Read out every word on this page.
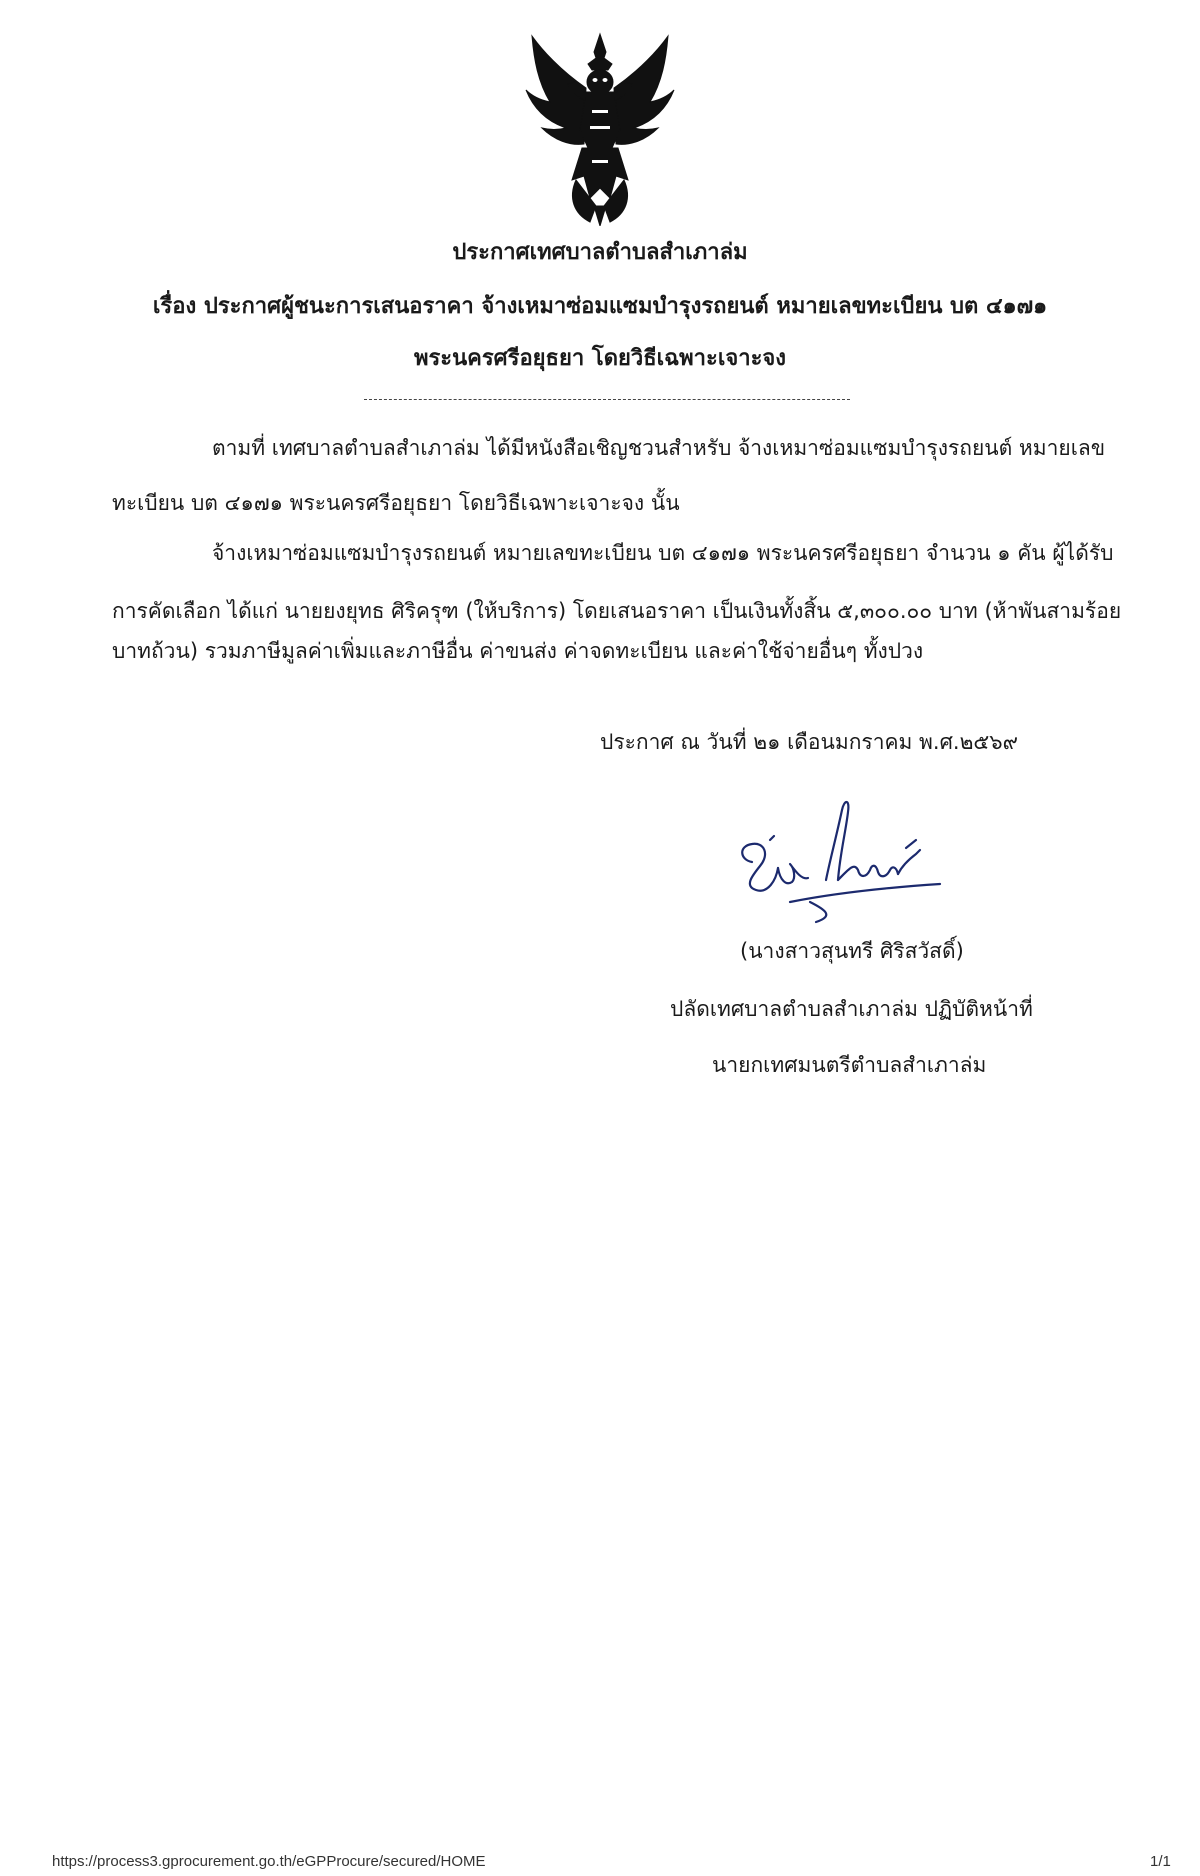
ประกาศเทศบาลตำบลสำเภาล่ม
เรื่อง ประกาศผู้ชนะการเสนอราคา จ้างเหมาซ่อมแซมบำรุงรถยนต์ หมายเลขทะเบียน บต ๔๑๗๑
พระนครศรีอยุธยา โดยวิธีเฉพาะเจาะจง
ตามที่ เทศบาลตำบลสำเภาล่ม ได้มีหนังสือเชิญชวนสำหรับ จ้างเหมาซ่อมแซมบำรุงรถยนต์ หมายเลข
ทะเบียน บต ๔๑๗๑ พระนครศรีอยุธยา โดยวิธีเฉพาะเจาะจง นั้น
จ้างเหมาซ่อมแซมบำรุงรถยนต์ หมายเลขทะเบียน บต ๔๑๗๑ พระนครศรีอยุธยา จำนวน ๑ คัน ผู้ได้รับ
การคัดเลือก ได้แก่ นายยงยุทธ ศิริครุฑ (ให้บริการ) โดยเสนอราคา เป็นเงินทั้งสิ้น ๕,๓๐๐.๐๐ บาท (ห้าพันสามร้อย
บาทถ้วน) รวมภาษีมูลค่าเพิ่มและภาษีอื่น ค่าขนส่ง ค่าจดทะเบียน และค่าใช้จ่ายอื่นๆ ทั้งปวง
ประกาศ ณ วันที่ ๒๑ เดือนมกราคม พ.ศ.๒๕๖๙
(นางสาวสุนทรี ศิริสวัสดิ์)
ปลัดเทศบาลตำบลสำเภาล่ม ปฏิบัติหน้าที่
นายกเทศมนตรีตำบลสำเภาล่ม
https://process3.gprocurement.go.th/eGPProcure/secured/HOME	1/1
